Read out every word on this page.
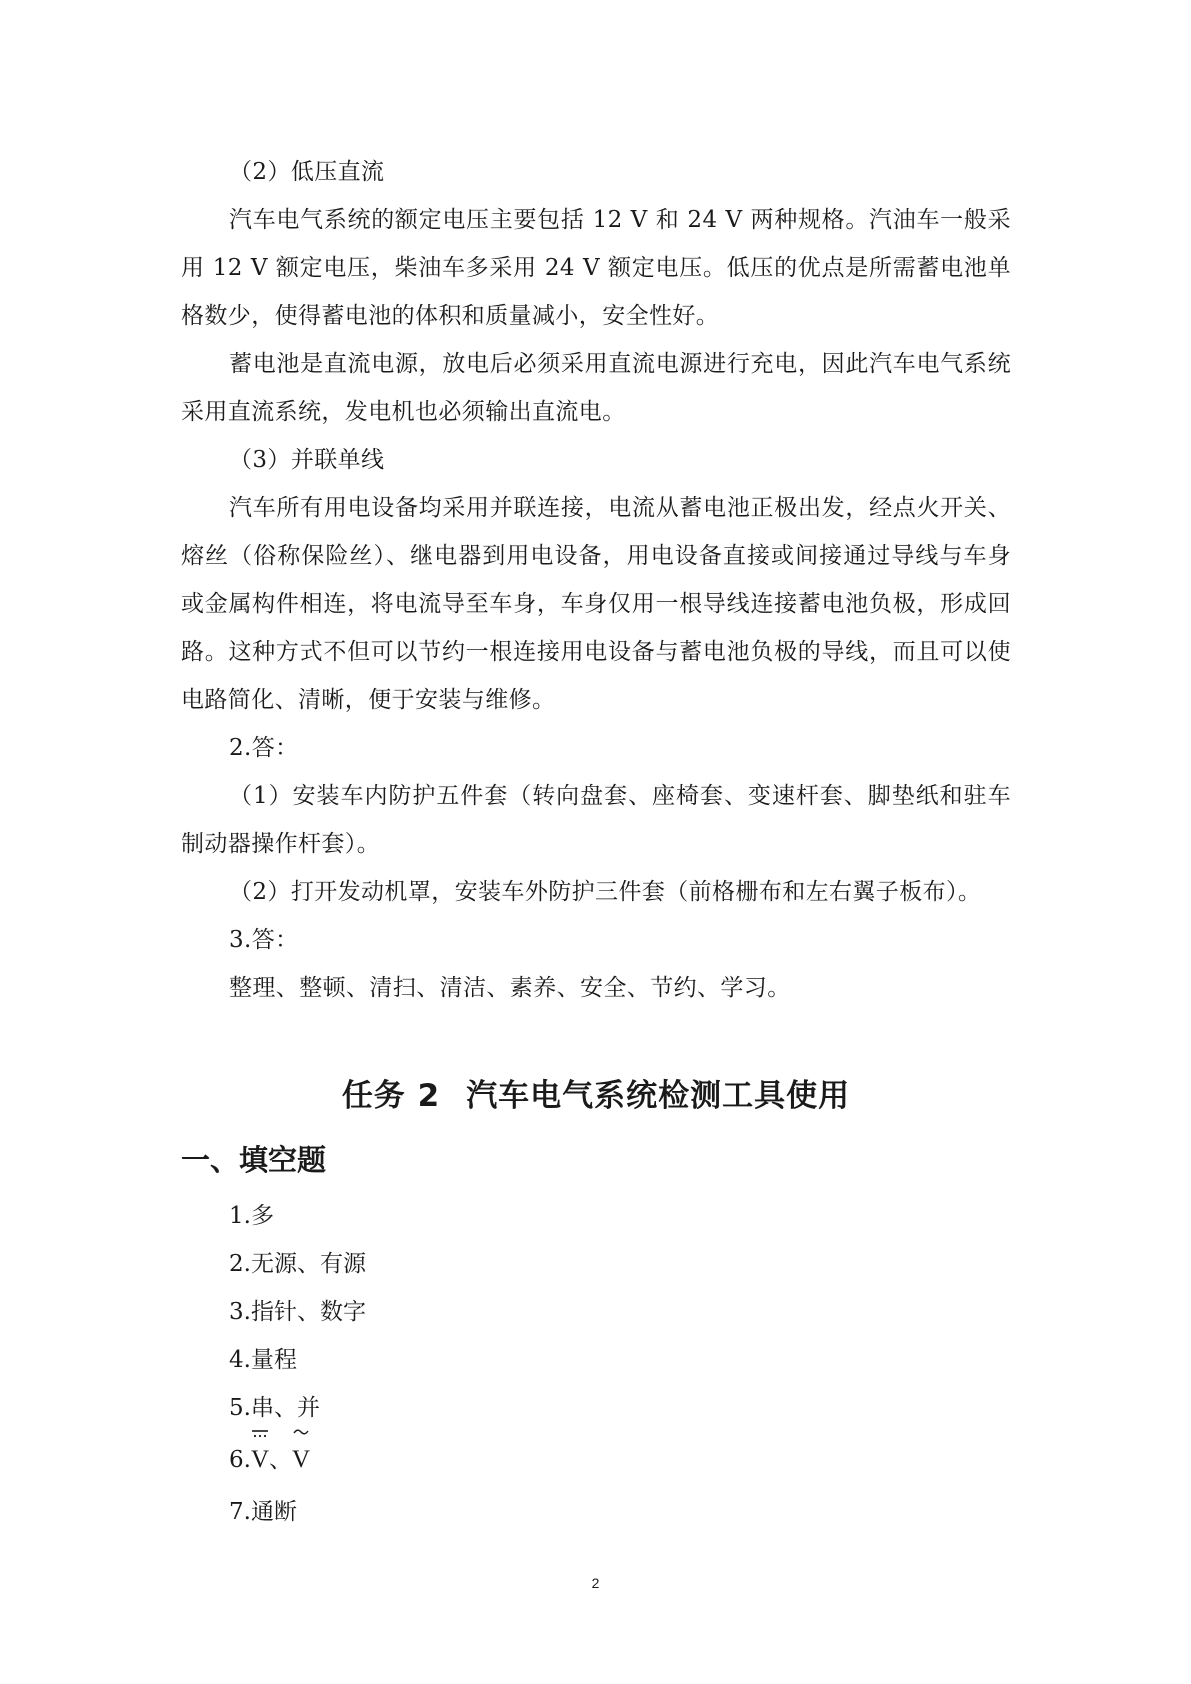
（2）低压直流

汽车电气系统的额定电压主要包括 12 V 和 24 V 两种规格。汽油车一般采用 12 V 额定电压，柴油车多采用 24 V 额定电压。低压的优点是所需蓄电池单格数少，使得蓄电池的体积和质量减小，安全性好。

蓄电池是直流电源，放电后必须采用直流电源进行充电，因此汽车电气系统采用直流系统，发电机也必须输出直流电。

（3）并联单线

汽车所有用电设备均采用并联连接，电流从蓄电池正极出发，经点火开关、熔丝（俗称保险丝）、继电器到用电设备，用电设备直接或间接通过导线与车身或金属构件相连，将电流导至车身，车身仅用一根导线连接蓄电池负极，形成回路。这种方式不但可以节约一根连接用电设备与蓄电池负极的导线，而且可以使电路简化、清晰，便于安装与维修。

2.答：

（1）安装车内防护五件套（转向盘套、座椅套、变速杆套、脚垫纸和驻车制动器操作杆套）。

（2）打开发动机罩，安装车外防护三件套（前格栅布和左右翼子板布）。

3.答：

整理、整顿、清扫、清洁、素养、安全、节约、学习。

任务 2 汽车电气系统检测工具使用
一、填空题

1.多

2.无源、有源

3.指针、数字

4.量程

5.串、并

6.
V、
V

7.通断

2
